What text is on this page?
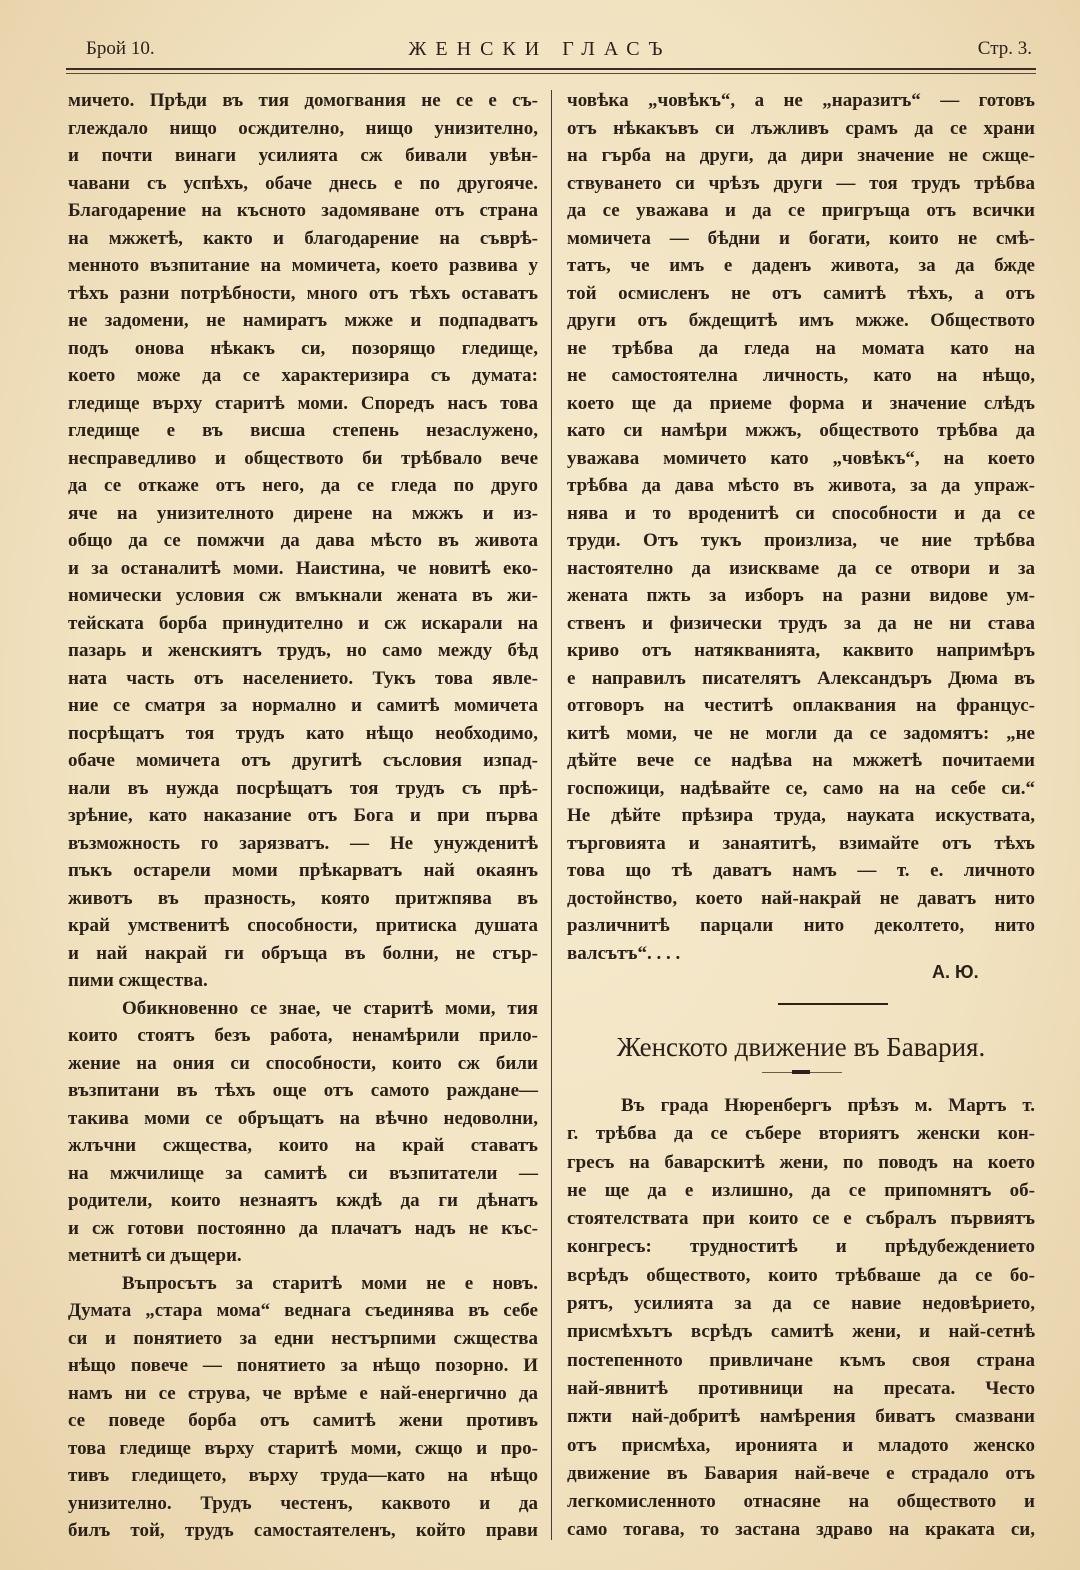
Брой 10.	ЖЕНСКИ ГЛАСЪ	Стр. 3.
мичето. Прѣди въ тия домогвания не се е съ-
глеждало нищо осждително, нищо унизително,
и почти винаги усилията сж бивали увѣн-
чавани съ успѣхъ, обаче днесь е по другояче.
Благодарение на късното задомяване отъ страна
на мжжетѣ, както и благодарение на съврѣ-
менното възпитание на момичета, което развива у
тѣхъ разни потрѣбности, много отъ тѣхъ оставатъ
не задомени, не намиратъ мжже и подпадватъ
подъ онова нѣкакъ си, позорящо гледище,
което може да се характеризира съ думата:
гледище върху старитѣ моми. Споредъ насъ това
гледище е въ висша степень незаслужено,
несправедливо и обществото би трѣбвало вече
да се откаже отъ него, да се гледа по друго
яче на унизителното дирене на мжжъ и из-
общо да се помжчи да дава мѣсто въ живота
и за останалитѣ моми. Наистина, че новитѣ еко-
номически условия сж вмъкнали жената въ жи-
тейската борба принудително и сж искарали на
пазарь и женскиятъ трудъ, но само между бѣд
ната часть отъ населението. Тукъ това явле-
ние се сматря за нормално и самитѣ момичета
посрѣщатъ тоя трудъ като нѣщо необходимо,
обаче момичета отъ другитѣ съсловия изпад-
нали въ нужда посрѣщатъ тоя трудъ съ прѣ-
зрѣние, като наказание отъ Бога и при първа
възможность го зарязватъ. — Не унужденитѣ
пъкъ остарели моми прѣкарватъ най окаянъ
животъ въ празность, която притжпява въ
край умственитѣ способности, притиска душата
и най накрай ги обръща въ болни, не стър-
пими сжщества.
Обикновенно се знае, че старитѣ моми, тия
които стоятъ безъ работа, ненамѣрили прило-
жение на ония си способности, които сж били
възпитани въ тѣхъ още отъ самото раждане—
такива моми се обръщатъ на вѣчно недоволни,
жлъчни сжщества, които на край ставатъ
на мжчилище за самитѣ си възпитатели —
родители, които незнаятъ кждѣ да ги дѣнатъ
и сж готови постоянно да плачатъ надъ не къс-
метнитѣ си дъщери.
Въпросътъ за старитѣ моми не е новъ.
Думата „стара мома“ веднага съединява въ себе
си и понятието за едни нестърпими сжщества
нѣщо повече — понятието за нѣщо позорно. И
намъ ни се струва, че врѣме е най-енергично да
се поведе борба отъ самитѣ жени противъ
това гледище върху старитѣ моми, сжщо и про-
тивъ гледището, върху труда—като на нѣщо
унизително. Трудъ честенъ, каквото и да
билъ той, трудъ самостаятеленъ, който прави
човѣка „човѣкъ“, а не „наразитъ“ — готовъ
отъ нѣкакъвъ си лъжливъ срамъ да се храни
на гърба на други, да дири значение не сжще-
ствуването си чрѣзъ други — тоя трудъ трѣбва
да се уважава и да се пригръща отъ всички
момичета — бѣдни и богати, които не смѣ-
татъ, че имъ е даденъ живота, за да бжде
той осмисленъ не отъ самитѣ тѣхъ, а отъ
други отъ бждещитѣ имъ мжже. Обществото
не трѣбва да гледа на момата като на
не самостоятелна личность, като на нѣщо,
което ще да приеме форма и значение слѣдъ
като си намѣри мжжъ, обществото трѣбва да
уважава момичето като „човѣкъ“, на което
трѣбва да дава мѣсто въ живота, за да упраж-
нява и то вроденитѣ си способности и да се
труди. Отъ тукъ произлиза, че ние трѣбва
настоятелно да изискваме да се отвори и за
жената пжть за изборъ на разни видове ум-
ственъ и физически трудъ за да не ни става
криво отъ натякванията, каквито напримѣръ
е направилъ писателятъ Александъръ Дюма въ
отговоръ на честитѣ оплаквания на францус-
китѣ моми, че не могли да се задомятъ: „не
дѣйте вече се надѣва на мжжетѣ почитаеми
госпожици, надѣвайте се, само на на себе си.“
Не дѣйте прѣзира труда, науката искуствата,
търговията и занаятитѣ, взимайте отъ тѣхъ
това що тѣ даватъ намъ — т. е. личното
достойнство, което най-накрай не даватъ нито
различнитѣ парцали нито деколтето, нито
валсътъ“. . . .
А. Ю.
Женското движение въ Бавария.
Въ града Нюренбергъ прѣзъ м. Мартъ т.
г. трѣбва да се събере вториятъ женски кон-
гресъ на баварскитѣ жени, по поводъ на което
не ще да е излишно, да се припомнятъ об-
стоятелствата при които се е събралъ първиятъ
конгресъ: трудноститѣ и прѣдубеждението
всрѣдъ обществото, които трѣбваше да се бо-
рятъ, усилията за да се навие недовѣрието,
присмѣхътъ всрѣдъ самитѣ жени, и най-сетнѣ
постепенното привличане къмъ своя страна
най-явнитѣ противници на пресата. Често
пжти най-добритѣ намѣрения биватъ смазвани
отъ присмѣха, иронията и младото женско
движение въ Бавария най-вече е страдало отъ
легкомисленното отнасяне на обществото и
само тогава, то застана здраво на краката си,
